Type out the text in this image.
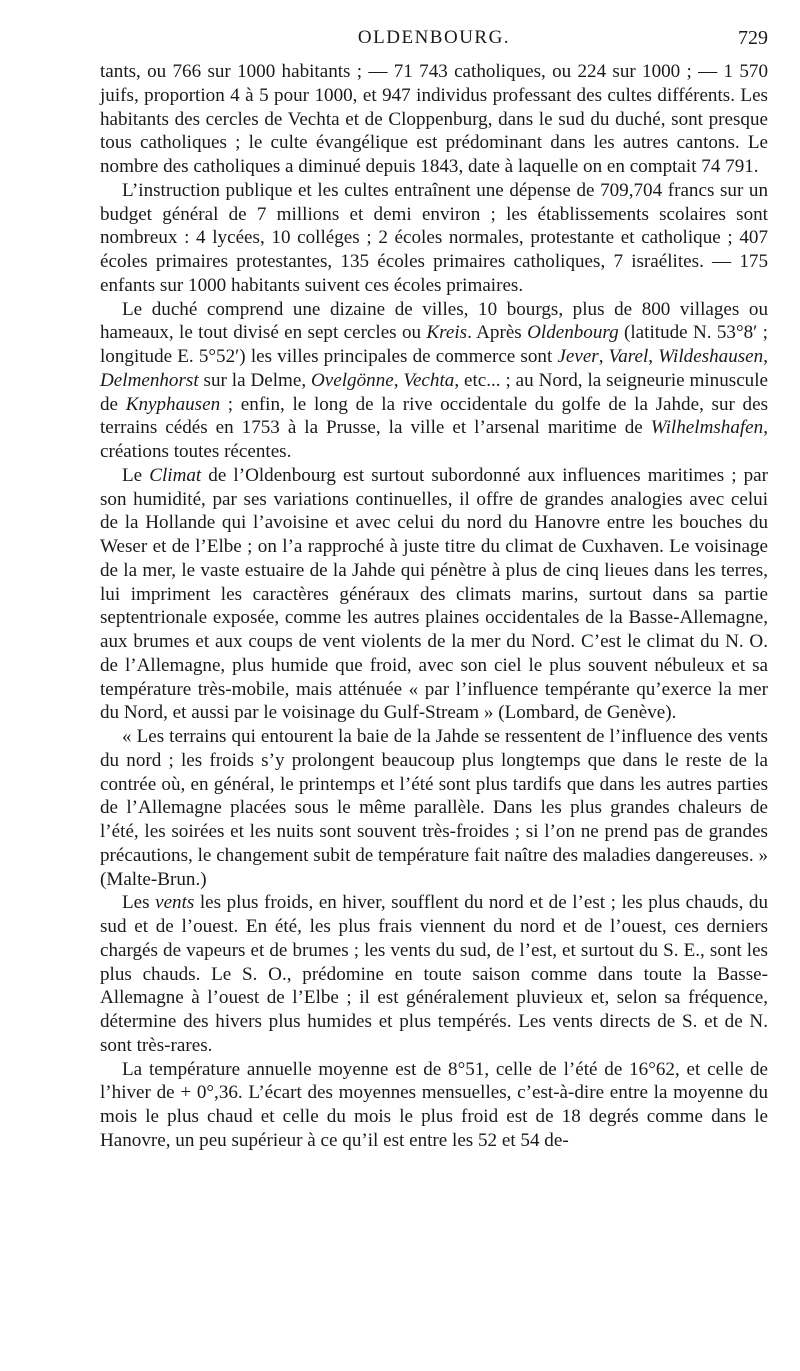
OLDENBOURG.	729

tants, ou 766 sur 1000 habitants ; — 71 743 catholiques, ou 224 sur 1000 ; — 1 570 juifs, proportion 4 à 5 pour 1000, et 947 individus professant des cultes différents. Les habitants des cercles de Vechta et de Cloppenburg, dans le sud du duché, sont presque tous catholiques ; le culte évangélique est prédominant dans les autres cantons. Le nombre des catholiques a diminué depuis 1843, date à laquelle on en comptait 74 791.

L’instruction publique et les cultes entraînent une dépense de 709,704 francs sur un budget général de 7 millions et demi environ ; les établissements scolaires sont nombreux : 4 lycées, 10 colléges ; 2 écoles normales, protestante et catholique ; 407 écoles primaires protestantes, 135 écoles primaires catholiques, 7 israélites. — 175 enfants sur 1000 habitants suivent ces écoles primaires.

Le duché comprend une dizaine de villes, 10 bourgs, plus de 800 villages ou hameaux, le tout divisé en sept cercles ou Kreis. Après Oldenbourg (latitude N. 53°8′ ; longitude E. 5°52′) les villes principales de commerce sont Jever, Varel, Wildeshausen, Delmenhorst sur la Delme, Ovelgönne, Vechta, etc... ; au Nord, la seigneurie minuscule de Knyphausen ; enfin, le long de la rive occidentale du golfe de la Jahde, sur des terrains cédés en 1753 à la Prusse, la ville et l’arsenal maritime de Wilhelmshafen, créations toutes récentes.

Le Climat de l’Oldenbourg est surtout subordonné aux influences maritimes ; par son humidité, par ses variations continuelles, il offre de grandes analogies avec celui de la Hollande qui l’avoisine et avec celui du nord du Hanovre entre les bouches du Weser et de l’Elbe ; on l’a rapproché à juste titre du climat de Cuxhaven. Le voisinage de la mer, le vaste estuaire de la Jahde qui pénètre à plus de cinq lieues dans les terres, lui impriment les caractères généraux des climats marins, surtout dans sa partie septentrionale exposée, comme les autres plaines occidentales de la Basse-Allemagne, aux brumes et aux coups de vent violents de la mer du Nord. C’est le climat du N. O. de l’Allemagne, plus humide que froid, avec son ciel le plus souvent nébuleux et sa température très-mobile, mais atténuée « par l’influence tempérante qu’exerce la mer du Nord, et aussi par le voisinage du Gulf-Stream » (Lombard, de Genève).

« Les terrains qui entourent la baie de la Jahde se ressentent de l’influence des vents du nord ; les froids s’y prolongent beaucoup plus longtemps que dans le reste de la contrée où, en général, le printemps et l’été sont plus tardifs que dans les autres parties de l’Allemagne placées sous le même parallèle. Dans les plus grandes chaleurs de l’été, les soirées et les nuits sont souvent très-froides ; si l’on ne prend pas de grandes précautions, le changement subit de température fait naître des maladies dangereuses. » (Malte-Brun.)

Les vents les plus froids, en hiver, soufflent du nord et de l’est ; les plus chauds, du sud et de l’ouest. En été, les plus frais viennent du nord et de l’ouest, ces derniers chargés de vapeurs et de brumes ; les vents du sud, de l’est, et surtout du S. E., sont les plus chauds. Le S. O., prédomine en toute saison comme dans toute la Basse-Allemagne à l’ouest de l’Elbe ; il est généralement pluvieux et, selon sa fréquence, détermine des hivers plus humides et plus tempérés. Les vents directs de S. et de N. sont très-rares.

La température annuelle moyenne est de 8°51, celle de l’été de 16°62, et celle de l’hiver de + 0°,36. L’écart des moyennes mensuelles, c’est-à-dire entre la moyenne du mois le plus chaud et celle du mois le plus froid est de 18 degrés comme dans le Hanovre, un peu supérieur à ce qu’il est entre les 52 et 54 de-
